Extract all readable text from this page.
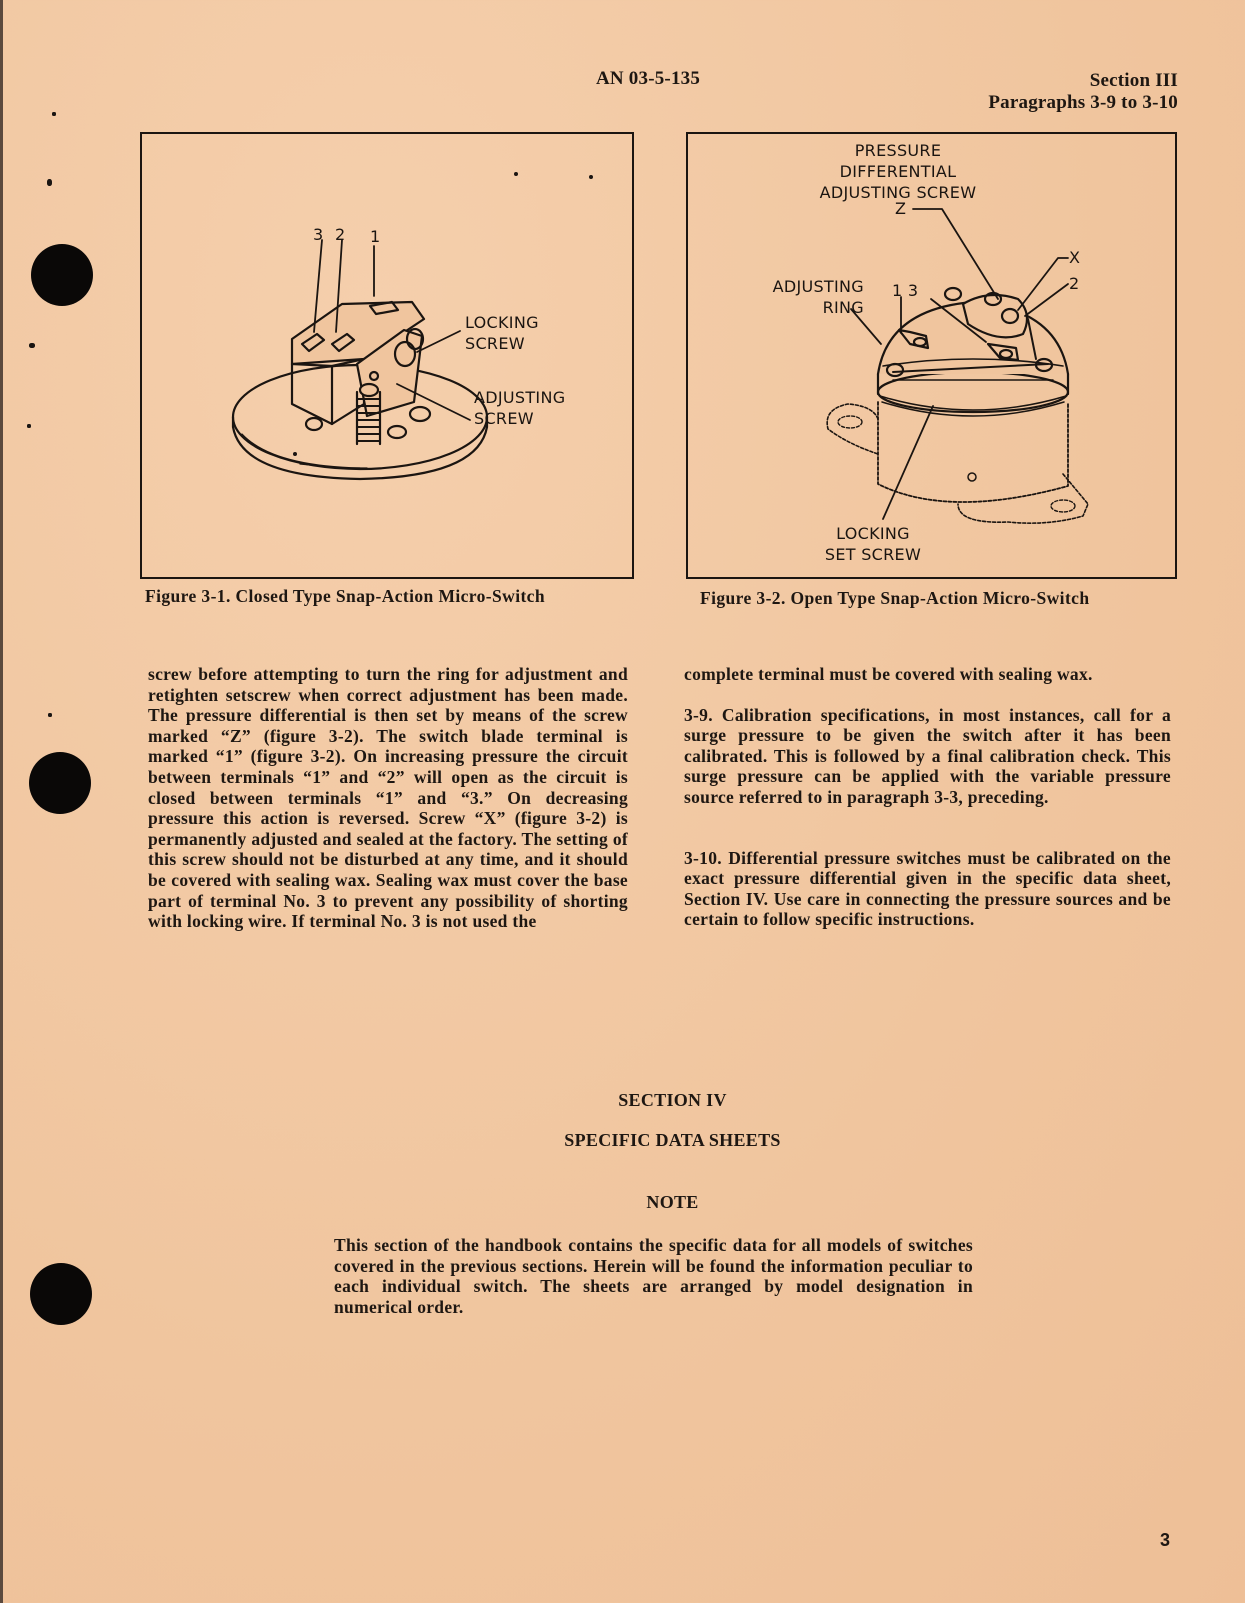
AN 03-5-135	Section III
Paragraphs 3-9 to 3-10
3 2 1
LOCKING
SCREW
ADJUSTING
SCREW
Figure 3-1. Closed Type Snap-Action Micro-Switch
PRESSURE DIFFERENTIAL
ADJUSTING SCREW
Z
X
2
1 3
ADJUSTING
RING
LOCKING
SET SCREW
Figure 3-2. Open Type Snap-Action Micro-Switch

screw before attempting to turn the ring for adjustment and retighten setscrew when correct adjustment has been made. The pressure differential is then set by means of the screw marked “Z” (figure 3-2). The switch blade terminal is marked “1” (figure 3-2). On increasing pressure the circuit between terminals “1” and “2” will open as the circuit is closed between terminals “1” and “3.” On decreasing pressure this action is reversed. Screw “X” (figure 3-2) is permanently adjusted and sealed at the factory. The setting of this screw should not be disturbed at any time, and it should be covered with sealing wax. Sealing wax must cover the base part of terminal No. 3 to prevent any possibility of shorting with locking wire. If terminal No. 3 is not used the

complete terminal must be covered with sealing wax.

3-9. Calibration specifications, in most instances, call for a surge pressure to be given the switch after it has been calibrated. This is followed by a final calibration check. This surge pressure can be applied with the variable pressure source referred to in paragraph 3-3, preceding.

3-10. Differential pressure switches must be calibrated on the exact pressure differential given in the specific data sheet, Section IV. Use care in connecting the pressure sources and be certain to follow specific instructions.

SECTION IV
SPECIFIC DATA SHEETS
NOTE
This section of the handbook contains the specific data for all models of switches covered in the previous sections. Herein will be found the information peculiar to each individual switch. The sheets are arranged by model designation in numerical order.
3
